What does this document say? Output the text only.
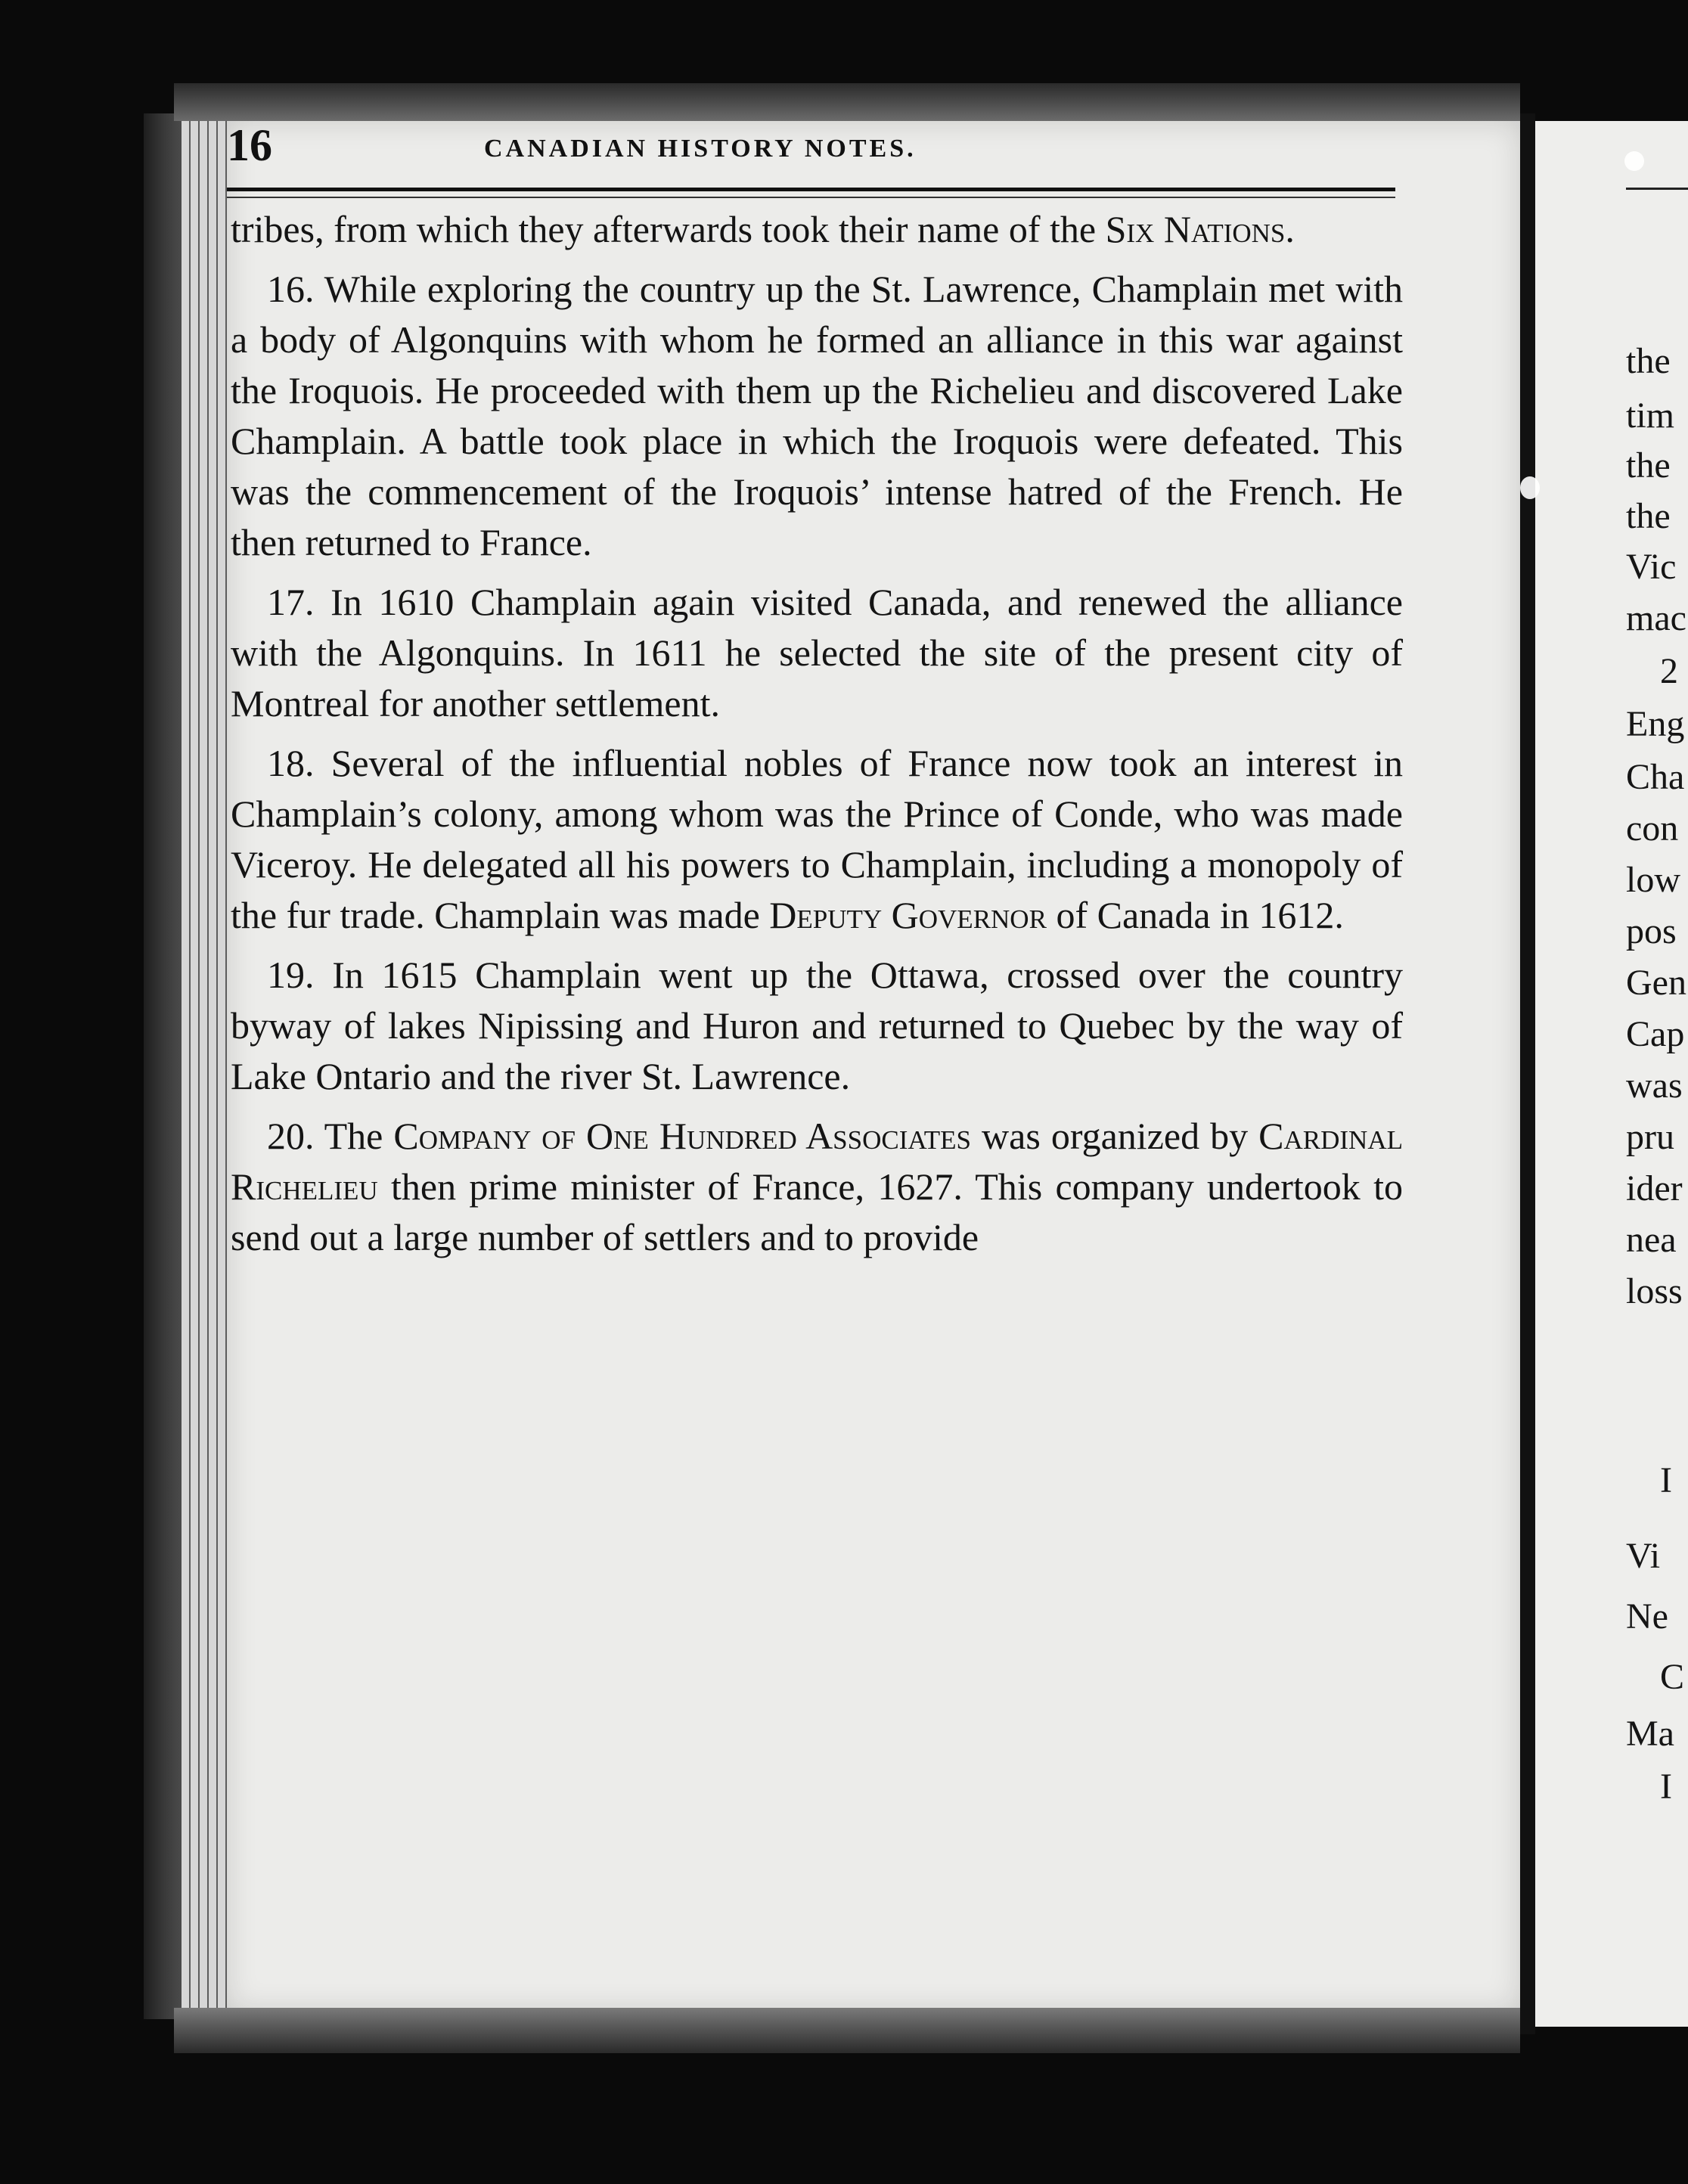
16	CANADIAN HISTORY NOTES.

tribes, from which they afterwards took their name of the Six Nations.

16. While exploring the country up the St. Lawrence, Champlain met with a body of Algonquins with whom he formed an alliance in this war against the Iroquois. He proceeded with them up the Richelieu and discovered Lake Champlain. A battle took place in which the Iroquois were defeated. This was the commencement of the Iroquois’ intense hatred of the French. He then returned to France.

17. In 1610 Champlain again visited Canada, and renewed the alliance with the Algonquins. In 1611 he selected the site of the present city of Montreal for another settlement.

18. Several of the influential nobles of France now took an interest in Champlain’s colony, among whom was the Prince of Conde, who was made Viceroy. He delegated all his powers to Champlain, including a monopoly of the fur trade. Champlain was made Deputy Governor of Canada in 1612.

19. In 1615 Champlain went up the Ottawa, crossed over the country byway of lakes Nipissing and Huron and returned to Quebec by the way of Lake Ontario and the river St. Lawrence.

20. The Company of One Hundred Associates was organized by Cardinal Richelieu then prime minister of France, 1627. This company undertook to send out a large number of settlers and to provide

the
tim
the
the
Vic
mac
2
Eng
Cha
con
low
pos
Gen
Cap
was
pru
ider
nea
loss
I
Vi
Ne
C
Ma
I
